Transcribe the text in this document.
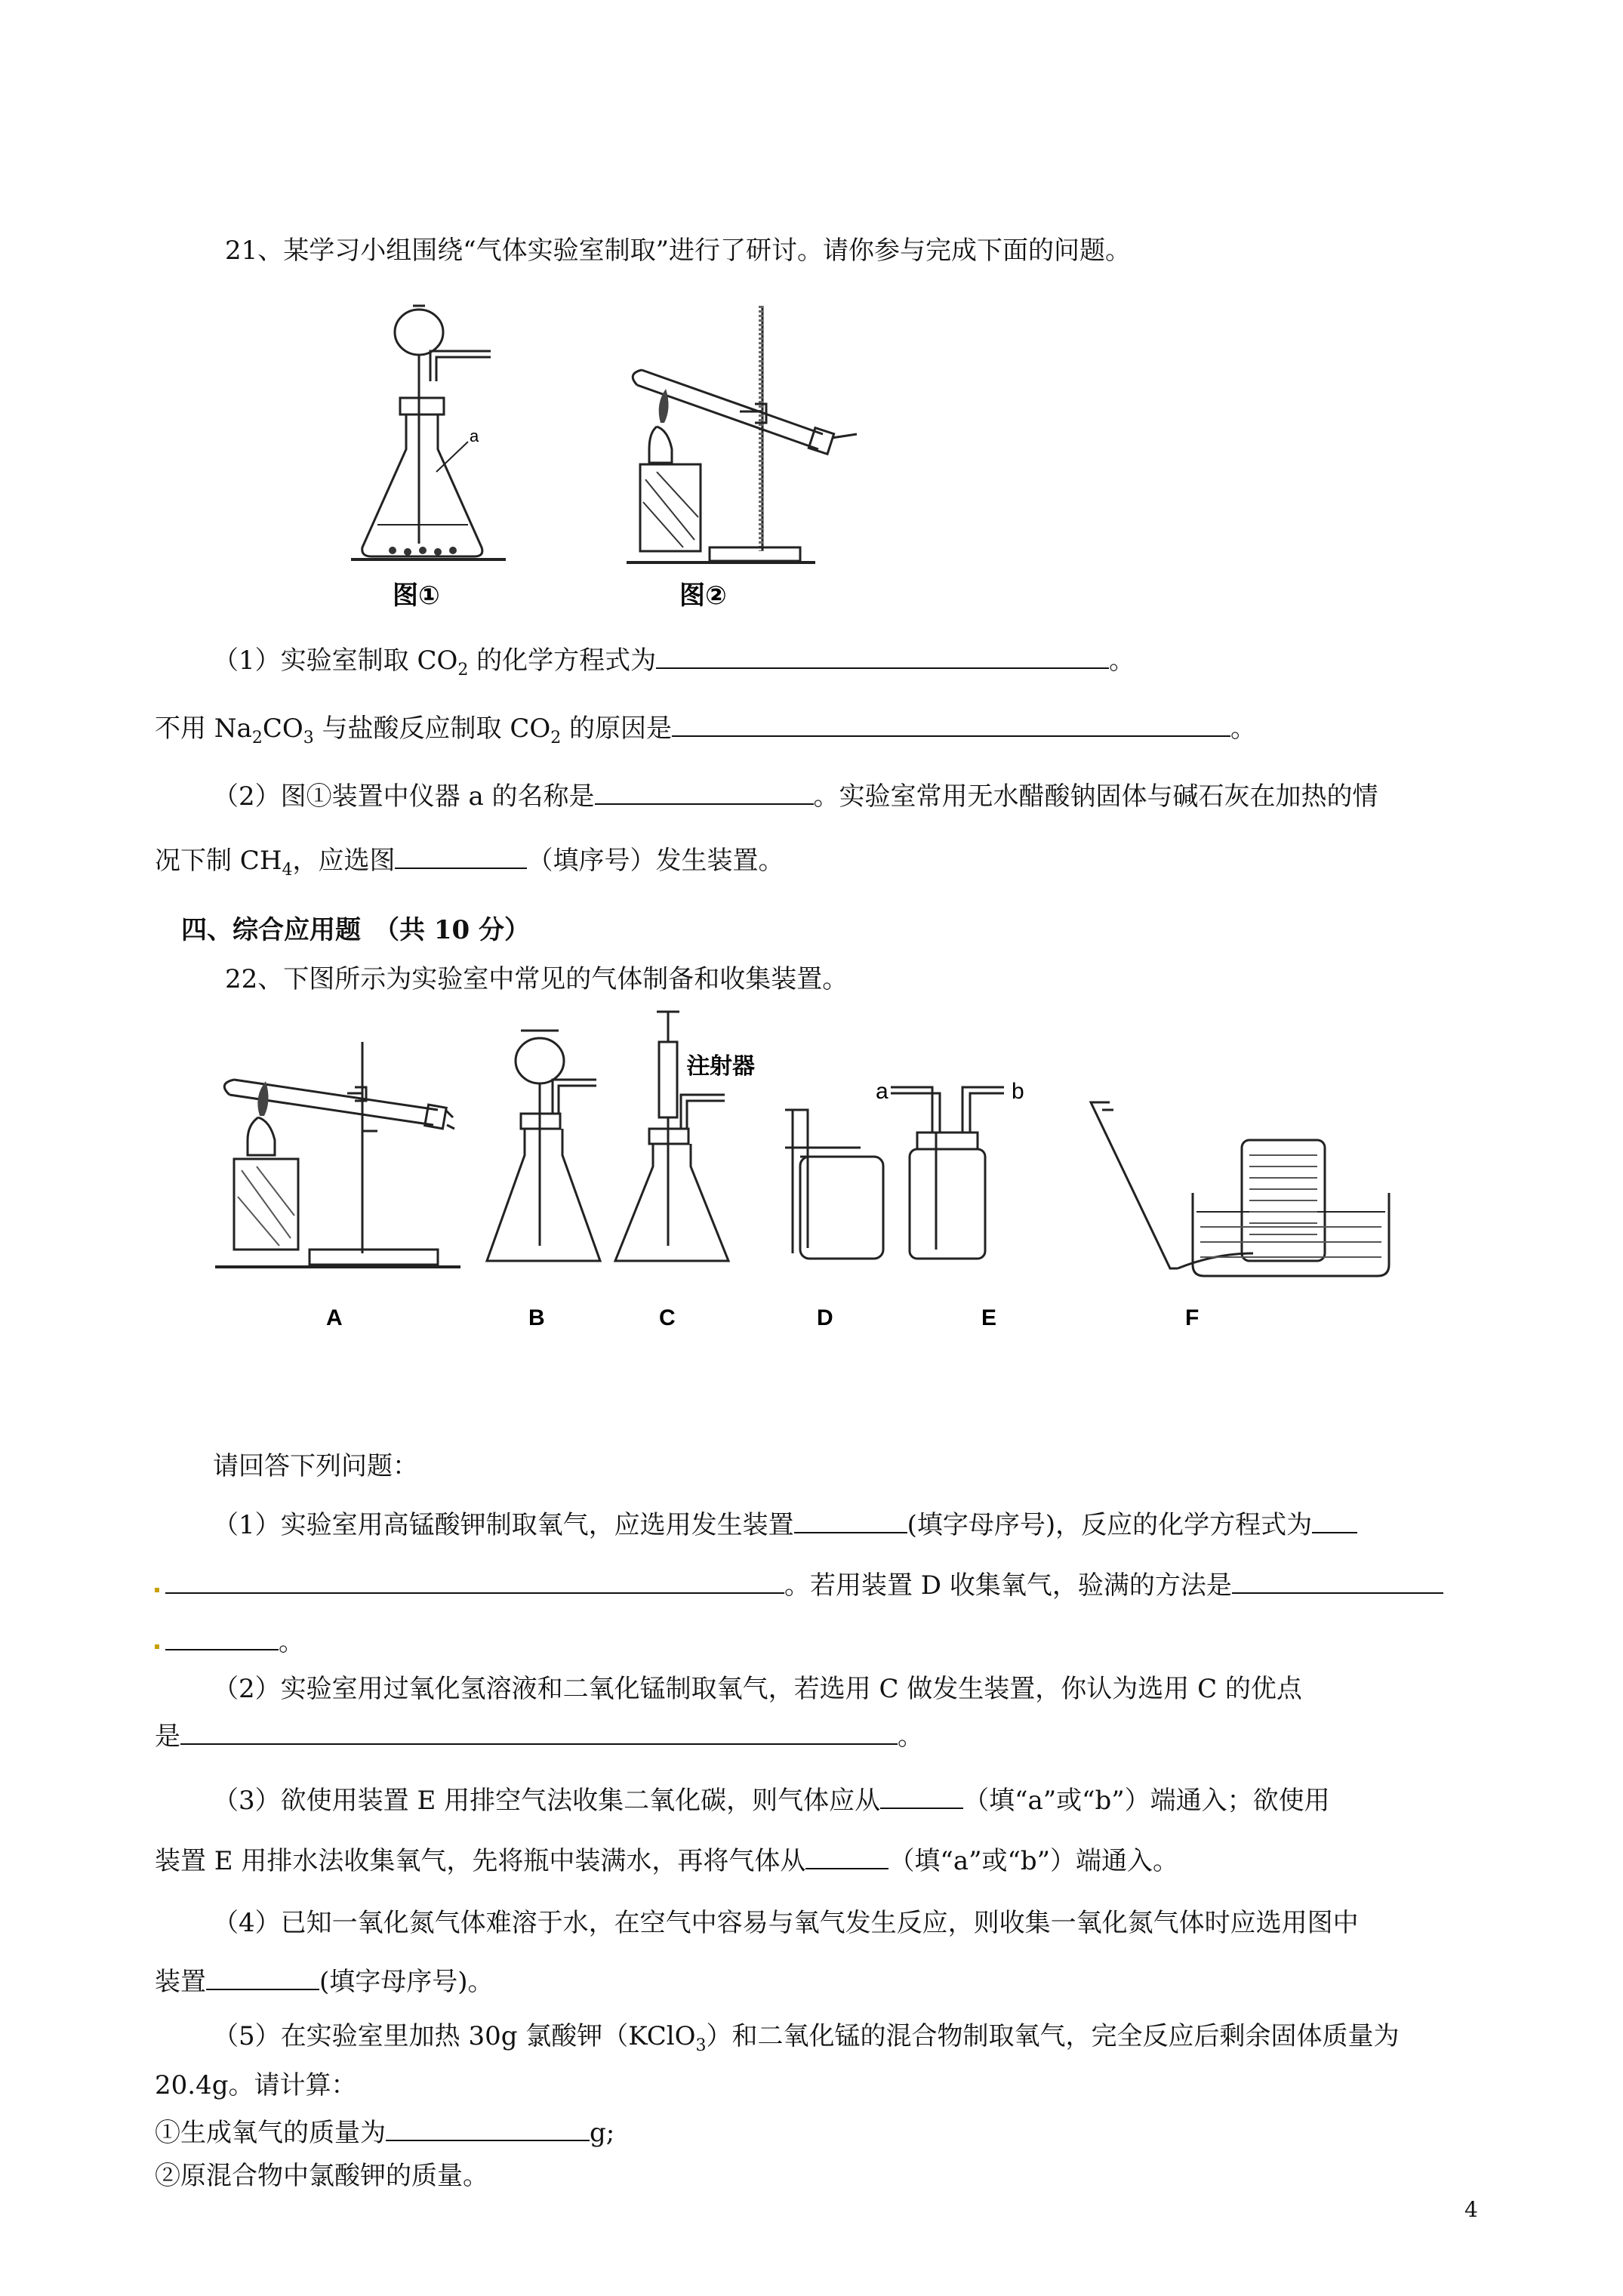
21、某学习小组围绕“气体实验室制取”进行了研讨。请你参与完成下面的问题。
a
图①	图②
（1）实验室制取 $CO_2$ 的化学方程式为	。
不用 $Na_2CO_3$ 与盐酸反应制取 $CO_2$ 的原因是	。
（2）图①装置中仪器 a 的名称是	。实验室常用无水醋酸钠固体与碱石灰在加热的情
况下制 $CH_4$，应选图	（填序号）发生装置。
四、综合应用题　（共 10 分）
22、下图所示为实验室中常见的气体制备和收集装置。
注射器
a	b
A	B	C	D	E	F
请回答下列问题：
（1）实验室用高锰酸钾制取氧气，应选用发生装置	(填字母序号)，反应的化学方程式为
。若用装置 D 收集氧气，验满的方法是
。
（2）实验室用过氧化氢溶液和二氧化锰制取氧气，若选用 C 做发生装置，你认为选用 C 的优点
是	。
（3）欲使用装置 E 用排空气法收集二氧化碳，则气体应从	（填“a”或“b”）端通入；欲使用
装置 E 用排水法收集氧气，先将瓶中装满水，再将气体从	（填“a”或“b”）端通入。
（4）已知一氧化氮气体难溶于水，在空气中容易与氧气发生反应，则收集一氧化氮气体时应选用图中
装置	(填字母序号)。
（5）在实验室里加热 30g 氯酸钾（KClO$_3$）和二氧化锰的混合物制取氧气，完全反应后剩余固体质量为
20.4g。请计算：
①生成氧气的质量为	g;
②原混合物中氯酸钾的质量。
4
